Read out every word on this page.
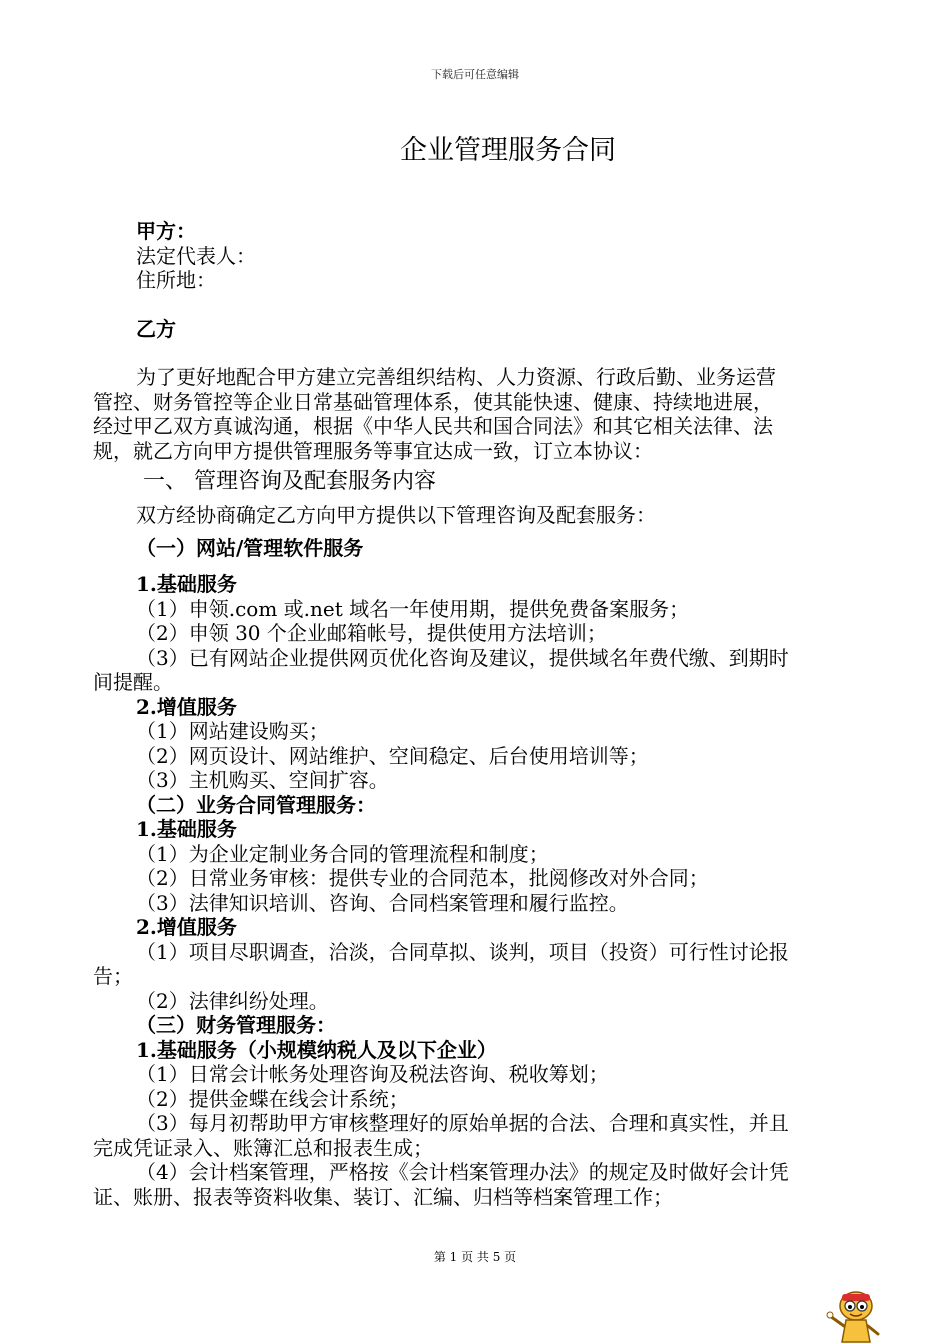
下载后可任意编辑
企业管理服务合同

甲方：

法定代表人：

住所地：

乙方

为了更好地配合甲方建立完善组织结构、人力资源、行政后勤、业务运营

管控、财务管控等企业日常基础管理体系，使其能快速、健康、持续地进展，

经过甲乙双方真诚沟通，根据《中华人民共和国合同法》和其它相关法律、法

规，就乙方向甲方提供管理服务等事宜达成一致，订立本协议：

一、 管理咨询及配套服务内容

双方经协商确定乙方向甲方提供以下管理咨询及配套服务：

（一）网站/管理软件服务

1.基础服务

（1）申领.com 或.net 域名一年使用期，提供免费备案服务；

（2）申领 30 个企业邮箱帐号，提供使用方法培训；

（3）已有网站企业提供网页优化咨询及建议，提供域名年费代缴、到期时

间提醒。

2.增值服务

（1）网站建设购买；

（2）网页设计、网站维护、空间稳定、后台使用培训等；

（3）主机购买、空间扩容。

（二）业务合同管理服务：

1.基础服务

（1）为企业定制业务合同的管理流程和制度；

（2）日常业务审核：提供专业的合同范本，批阅修改对外合同；

（3）法律知识培训、咨询、合同档案管理和履行监控。

2.增值服务

（1）项目尽职调查，洽淡，合同草拟、谈判，项目（投资）可行性讨论报

告；

（2）法律纠纷处理。

（三）财务管理服务：

1.基础服务（小规模纳税人及以下企业）

（1）日常会计帐务处理咨询及税法咨询、税收筹划；

（2）提供金蝶在线会计系统；

（3）每月初帮助甲方审核整理好的原始单据的合法、合理和真实性，并且

完成凭证录入、账簿汇总和报表生成；

（4）会计档案管理，严格按《会计档案管理办法》的规定及时做好会计凭

证、账册、报表等资料收集、装订、汇编、归档等档案管理工作；

第 1 页 共 5 页
